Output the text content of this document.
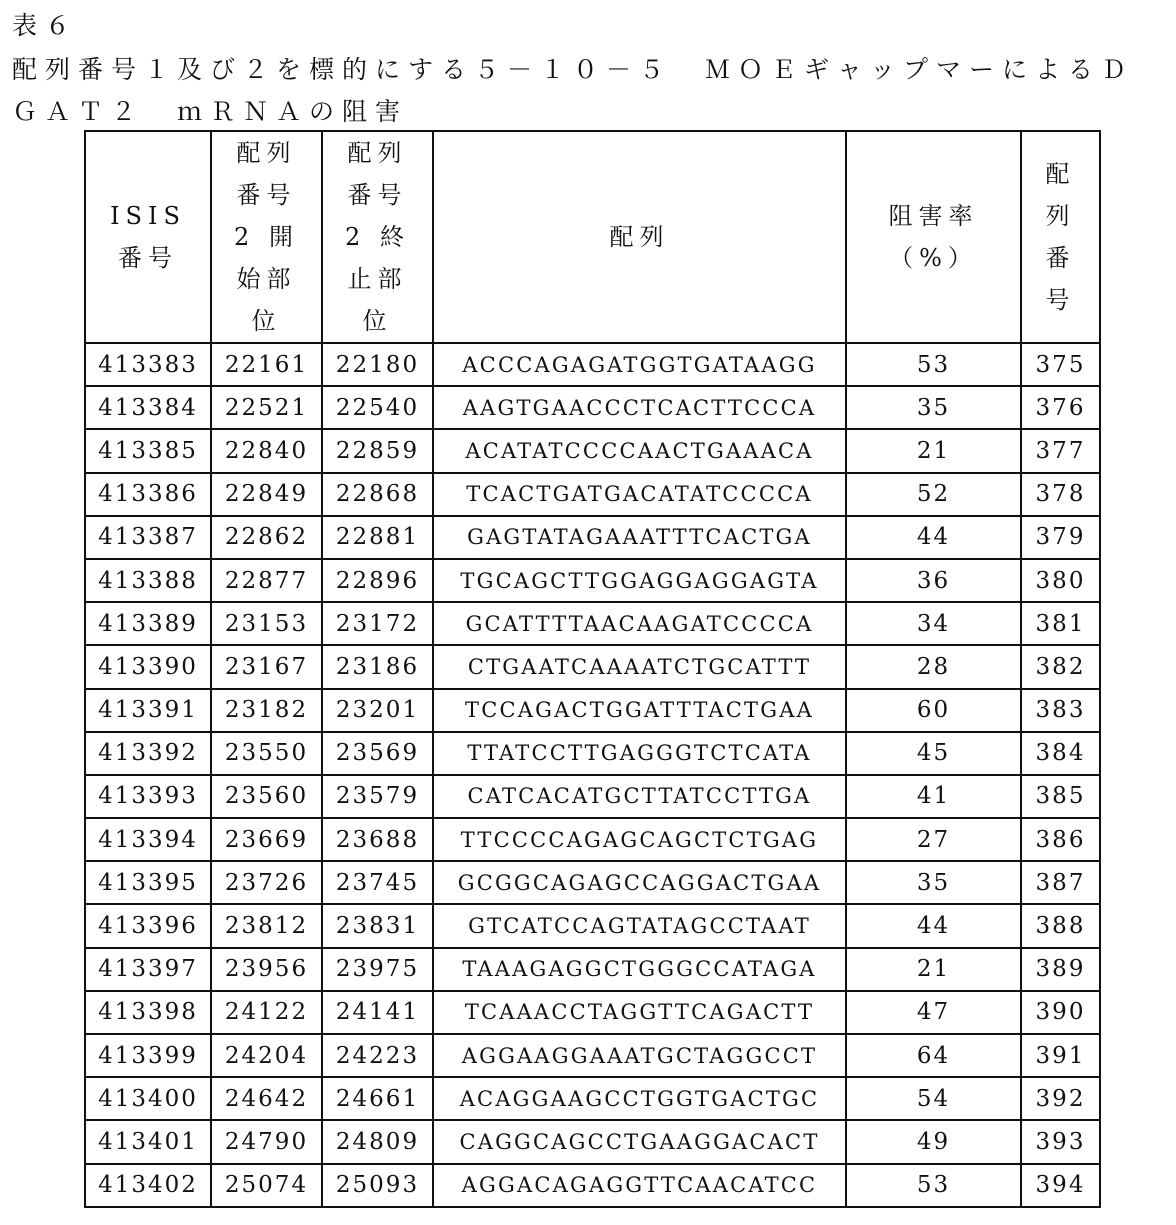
表６
配列番号１及び２を標的にする５－１０－５　ＭＯＥギャップマーによるＤ
ＧＡＴ２　ｍＲＮＡの阻害
ISIS
番号

配列
番号
2 開
始部
位

配列
番号
2 終
止部
位

配列

阻害率
（%）

配
列
番
号

413383	22161	22180	ACCCAGAGATGGTGATAAGG	53	375
413384	22521	22540	AAGTGAACCCTCACTTCCCA	35	376
413385	22840	22859	ACATATCCCCAACTGAAACA	21	377
413386	22849	22868	TCACTGATGACATATCCCCA	52	378
413387	22862	22881	GAGTATAGAAATTTCACTGA	44	379
413388	22877	22896	TGCAGCTTGGAGGAGGAGTA	36	380
413389	23153	23172	GCATTTTAACAAGATCCCCA	34	381
413390	23167	23186	CTGAATCAAAATCTGCATTT	28	382
413391	23182	23201	TCCAGACTGGATTTACTGAA	60	383
413392	23550	23569	TTATCCTTGAGGGTCTCATA	45	384
413393	23560	23579	CATCACATGCTTATCCTTGA	41	385
413394	23669	23688	TTCCCCAGAGCAGCTCTGAG	27	386
413395	23726	23745	GCGGCAGAGCCAGGACTGAA	35	387
413396	23812	23831	GTCATCCAGTATAGCCTAAT	44	388
413397	23956	23975	TAAAGAGGCTGGGCCATAGA	21	389
413398	24122	24141	TCAAACCTAGGTTCAGACTT	47	390
413399	24204	24223	AGGAAGGAAATGCTAGGCCT	64	391
413400	24642	24661	ACAGGAAGCCTGGTGACTGC	54	392
413401	24790	24809	CAGGCAGCCTGAAGGACACT	49	393
413402	25074	25093	AGGACAGAGGTTCAACATCC	53	394
